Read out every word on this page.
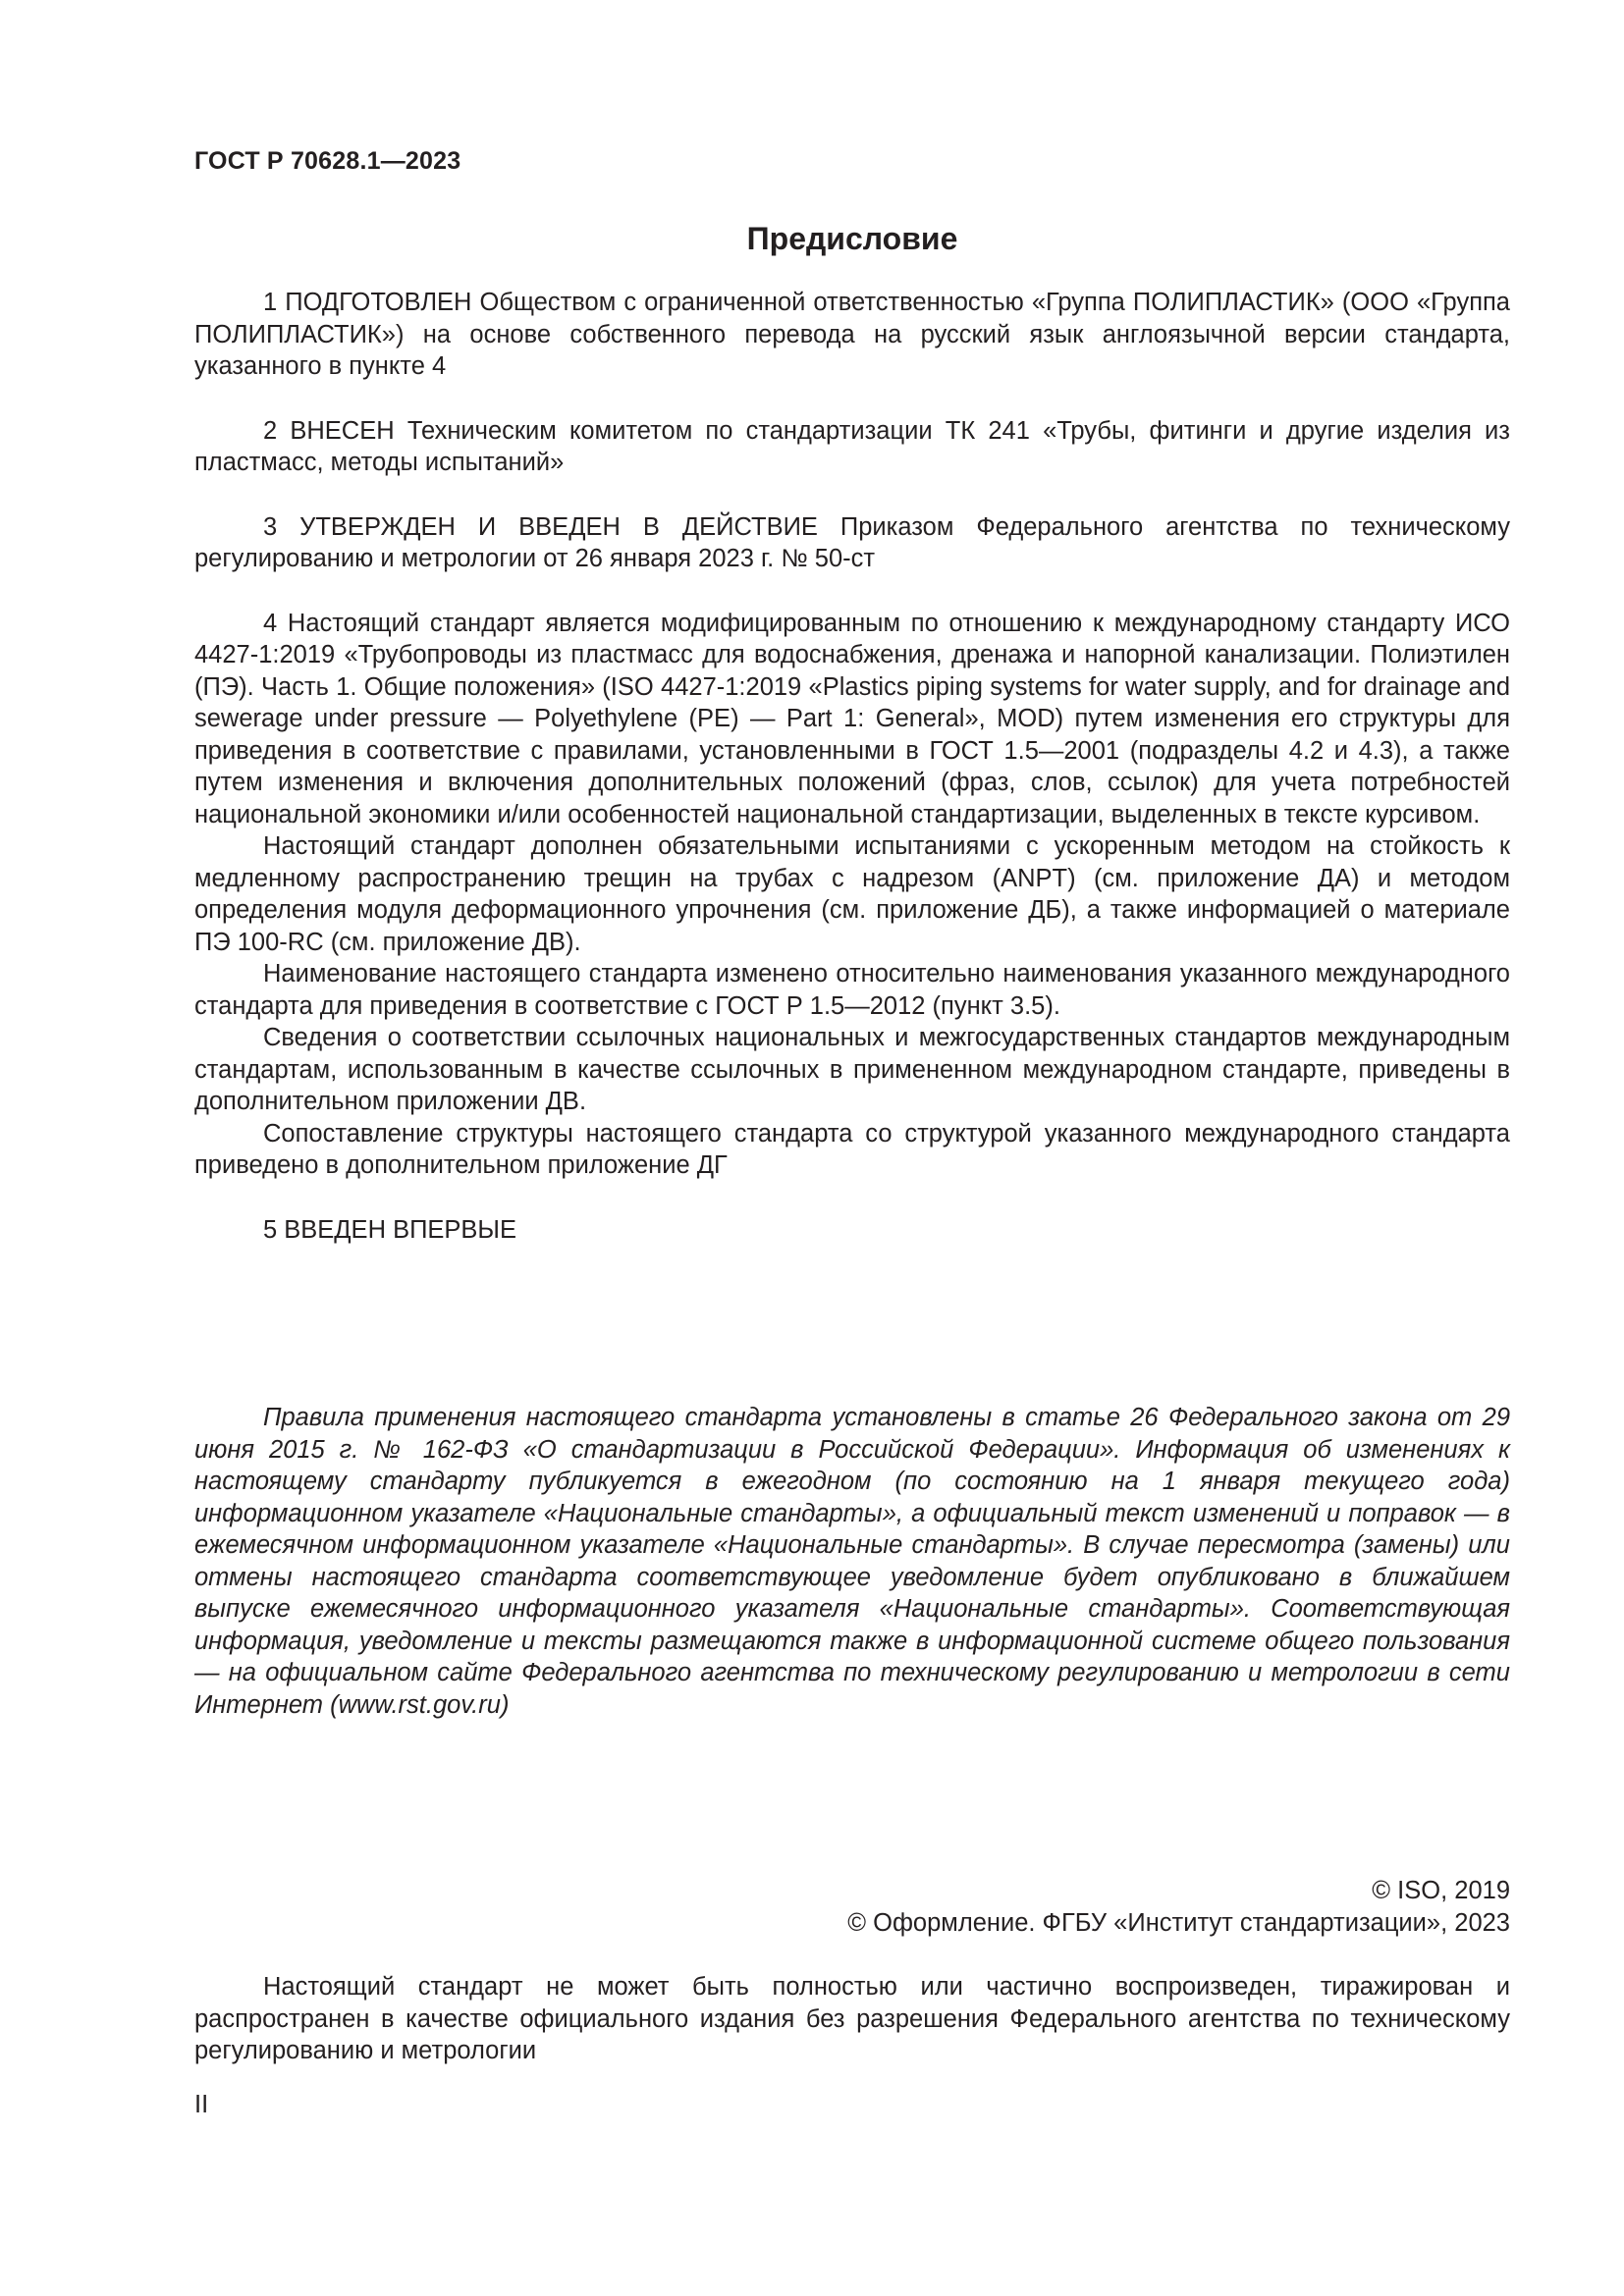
ГОСТ Р 70628.1—2023
Предисловие

1 ПОДГОТОВЛЕН Обществом с ограниченной ответственностью «Группа ПОЛИПЛАСТИК» (ООО «Группа ПОЛИПЛАСТИК») на основе собственного перевода на русский язык англоязычной версии стандарта, указанного в пункте 4

2 ВНЕСЕН Техническим комитетом по стандартизации ТК 241 «Трубы, фитинги и другие изделия из пластмасс, методы испытаний»

3 УТВЕРЖДЕН И ВВЕДЕН В ДЕЙСТВИЕ Приказом Федерального агентства по техническому регулированию и метрологии от 26 января 2023 г. № 50-ст

4 Настоящий стандарт является модифицированным по отношению к международному стандарту ИСО 4427-1:2019 «Трубопроводы из пластмасс для водоснабжения, дренажа и напорной канализации. Полиэтилен (ПЭ). Часть 1. Общие положения» (ISO 4427-1:2019 «Plastics piping systems for water supply, and for drainage and sewerage under pressure — Polyethylene (PE) — Part 1: General», MOD) путем изменения его структуры для приведения в соответствие с правилами, установленными в ГОСТ 1.5—2001 (подразделы 4.2 и 4.3), а также путем изменения и включения дополнительных положений (фраз, слов, ссылок) для учета потребностей национальной экономики и/или особенностей национальной стандартизации, выделенных в тексте курсивом.

Настоящий стандарт дополнен обязательными испытаниями с ускоренным методом на стойкость к медленному распространению трещин на трубах с надрезом (ANPT) (см. приложение ДА) и методом определения модуля деформационного упрочнения (см. приложение ДБ), а также информацией о материале ПЭ 100-RC (см. приложение ДВ).

Наименование настоящего стандарта изменено относительно наименования указанного международного стандарта для приведения в соответствие с ГОСТ Р 1.5—2012 (пункт 3.5).

Сведения о соответствии ссылочных национальных и межгосударственных стандартов международным стандартам, использованным в качестве ссылочных в примененном международном стандарте, приведены в дополнительном приложении ДВ.

Сопоставление структуры настоящего стандарта со структурой указанного международного стандарта приведено в дополнительном приложение ДГ

5 ВВЕДЕН ВПЕРВЫЕ

Правила применения настоящего стандарта установлены в статье 26 Федерального закона от 29 июня 2015 г. № 162-ФЗ «О стандартизации в Российской Федерации». Информация об изменениях к настоящему стандарту публикуется в ежегодном (по состоянию на 1 января текущего года) информационном указателе «Национальные стандарты», а официальный текст изменений и поправок — в ежемесячном информационном указателе «Национальные стандарты». В случае пересмотра (замены) или отмены настоящего стандарта соответствующее уведомление будет опубликовано в ближайшем выпуске ежемесячного информационного указателя «Национальные стандарты». Соответствующая информация, уведомление и тексты размещаются также в информационной системе общего пользования — на официальном сайте Федерального агентства по техническому регулированию и метрологии в сети Интернет (www.rst.gov.ru)

© ISO, 2019
© Оформление. ФГБУ «Институт стандартизации», 2023

Настоящий стандарт не может быть полностью или частично воспроизведен, тиражирован и распространен в качестве официального издания без разрешения Федерального агентства по техническому регулированию и метрологии

II
